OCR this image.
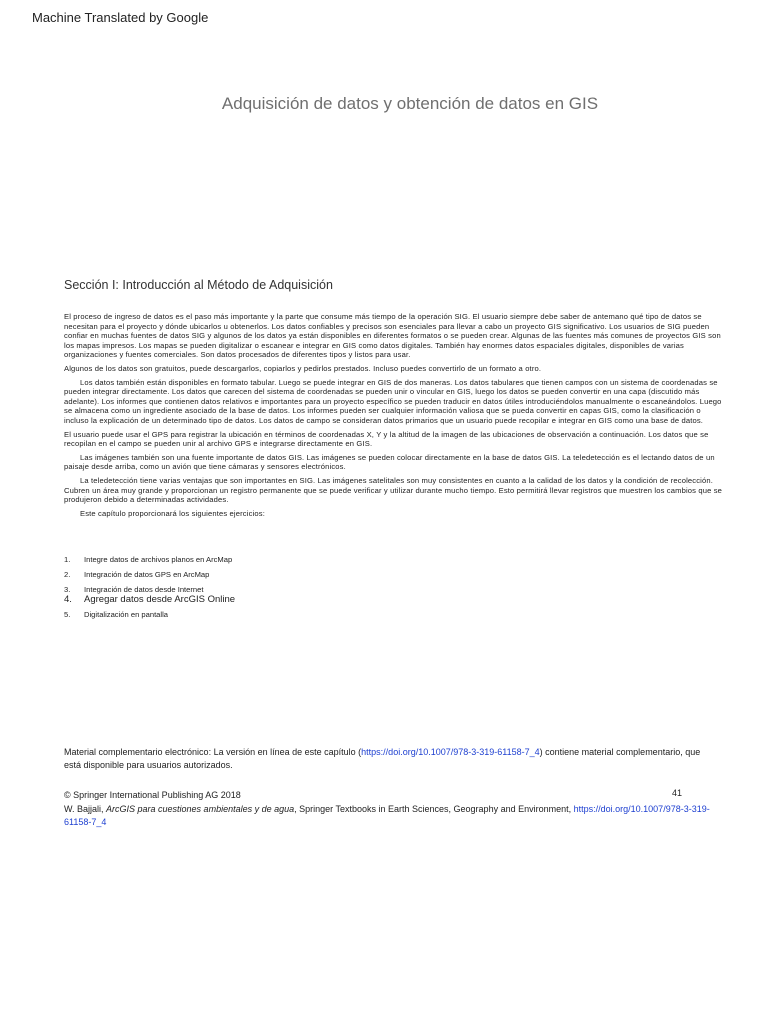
Machine Translated by Google
Adquisición de datos y obtención de datos en GIS
Sección I: Introducción al Método de Adquisición

El proceso de ingreso de datos es el paso más importante y la parte que consume más tiempo de la operación SIG. El usuario siempre debe saber de antemano qué tipo de datos se necesitan para el proyecto y dónde ubicarlos u obtenerlos. Los datos confiables y precisos son esenciales para llevar a cabo un proyecto GIS significativo. Los usuarios de SIG pueden confiar en muchas fuentes de datos SIG y algunos de los datos ya están disponibles en diferentes formatos o se pueden crear. Algunas de las fuentes más comunes de proyectos GIS son los mapas impresos. Los mapas se pueden digitalizar o escanear e integrar en GIS como datos digitales. También hay enormes datos espaciales digitales, disponibles de varias organizaciones y fuentes comerciales. Son datos procesados de diferentes tipos y listos para usar.

Algunos de los datos son gratuitos, puede descargarlos, copiarlos y pedirlos prestados. Incluso puedes convertirlo de un formato a otro.

Los datos también están disponibles en formato tabular. Luego se puede integrar en GIS de dos maneras. Los datos tabulares que tienen campos con un sistema de coordenadas se pueden integrar directamente. Los datos que carecen del sistema de coordenadas se pueden unir o vincular en GIS, luego los datos se pueden convertir en una capa (discutido más adelante). Los informes que contienen datos relativos e importantes para un proyecto específico se pueden traducir en datos útiles introduciéndolos manualmente o escaneándolos. Luego se almacena como un ingrediente asociado de la base de datos. Los informes pueden ser cualquier información valiosa que se pueda convertir en capas GIS, como la clasificación o incluso la explicación de un determinado tipo de datos. Los datos de campo se consideran datos primarios que un usuario puede recopilar e integrar en GIS como una base de datos.

El usuario puede usar el GPS para registrar la ubicación en términos de coordenadas X, Y y la altitud de la imagen de las ubicaciones de observación a continuación. Los datos que se recopilan en el campo se pueden unir al archivo GPS e integrarse directamente en GIS.

Las imágenes también son una fuente importante de datos GIS. Las imágenes se pueden colocar directamente en la base de datos GIS. La teledetección es el lectando datos de un paisaje desde arriba, como un avión que tiene cámaras y sensores electrónicos.

La teledetección tiene varias ventajas que son importantes en SIG. Las imágenes satelitales son muy consistentes en cuanto a la calidad de los datos y la condición de recolección. Cubren un área muy grande y proporcionan un registro permanente que se puede verificar y utilizar durante mucho tiempo. Esto permitirá llevar registros que muestren los cambios que se produjeron debido a determinadas actividades.

Este capítulo proporcionará los siguientes ejercicios:

1. Integre datos de archivos planos en ArcMap
2. Integración de datos GPS en ArcMap
3. Integración de datos desde Internet
4. Agregar datos desde ArcGIS Online
5. Digitalización en pantalla
Material complementario electrónico: La versión en línea de este capítulo (https://doi.org/10.1007/978-3-319-61158-7_4) contiene material complementario, que está disponible para usuarios autorizados.
© Springer International Publishing AG 2018	41
W. Bajjali, ArcGIS para cuestiones ambientales y de agua, Springer Textbooks in Earth Sciences, Geography and Environment, https://doi.org/10.1007/978-3-319-61158-7_4
